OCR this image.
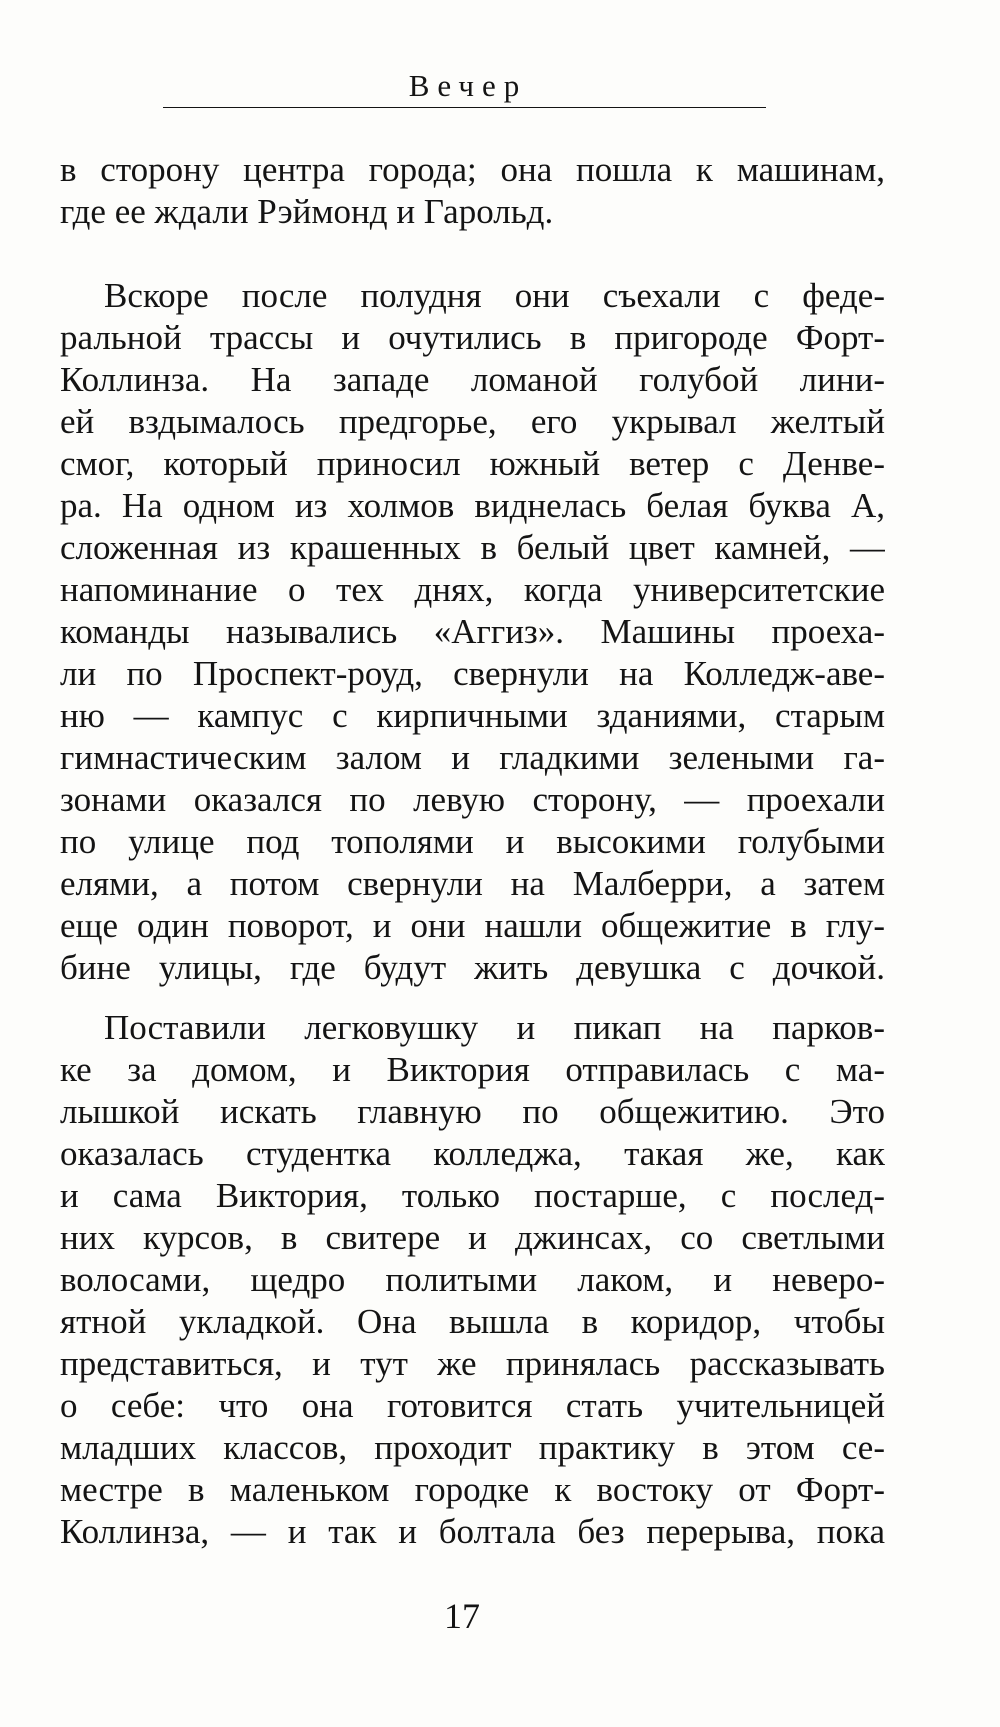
Вечер
в сторону центра города; она пошла к машинам,
где ее ждали Рэймонд и Гарольд.
Вскоре после полудня они съехали с феде-
ральной трассы и очутились в пригороде Форт-
Коллинза. На западе ломаной голубой лини-
ей вздымалось предгорье, его укрывал желтый
смог, который приносил южный ветер с Денве-
ра. На одном из холмов виднелась белая буква А,
сложенная из крашенных в белый цвет камней, —
напоминание о тех днях, когда университетские
команды назывались «Аггиз». Машины проеха-
ли по Проспект-роуд, свернули на Колледж-аве-
ню — кампус с кирпичными зданиями, старым
гимнастическим залом и гладкими зелеными га-
зонами оказался по левую сторону, — проехали
по улице под тополями и высокими голубыми
елями, а потом свернули на Малберри, а затем
еще один поворот, и они нашли общежитие в глу-
бине улицы, где будут жить девушка с дочкой.
Поставили легковушку и пикап на парков-
ке за домом, и Виктория отправилась с ма-
лышкой искать главную по общежитию. Это
оказалась студентка колледжа, такая же, как
и сама Виктория, только постарше, с послед-
них курсов, в свитере и джинсах, со светлыми
волосами, щедро политыми лаком, и неверо-
ятной укладкой. Она вышла в коридор, чтобы
представиться, и тут же принялась рассказывать
о себе: что она готовится стать учительницей
младших классов, проходит практику в этом се-
местре в маленьком городке к востоку от Форт-
Коллинза, — и так и болтала без перерыва, пока
17
